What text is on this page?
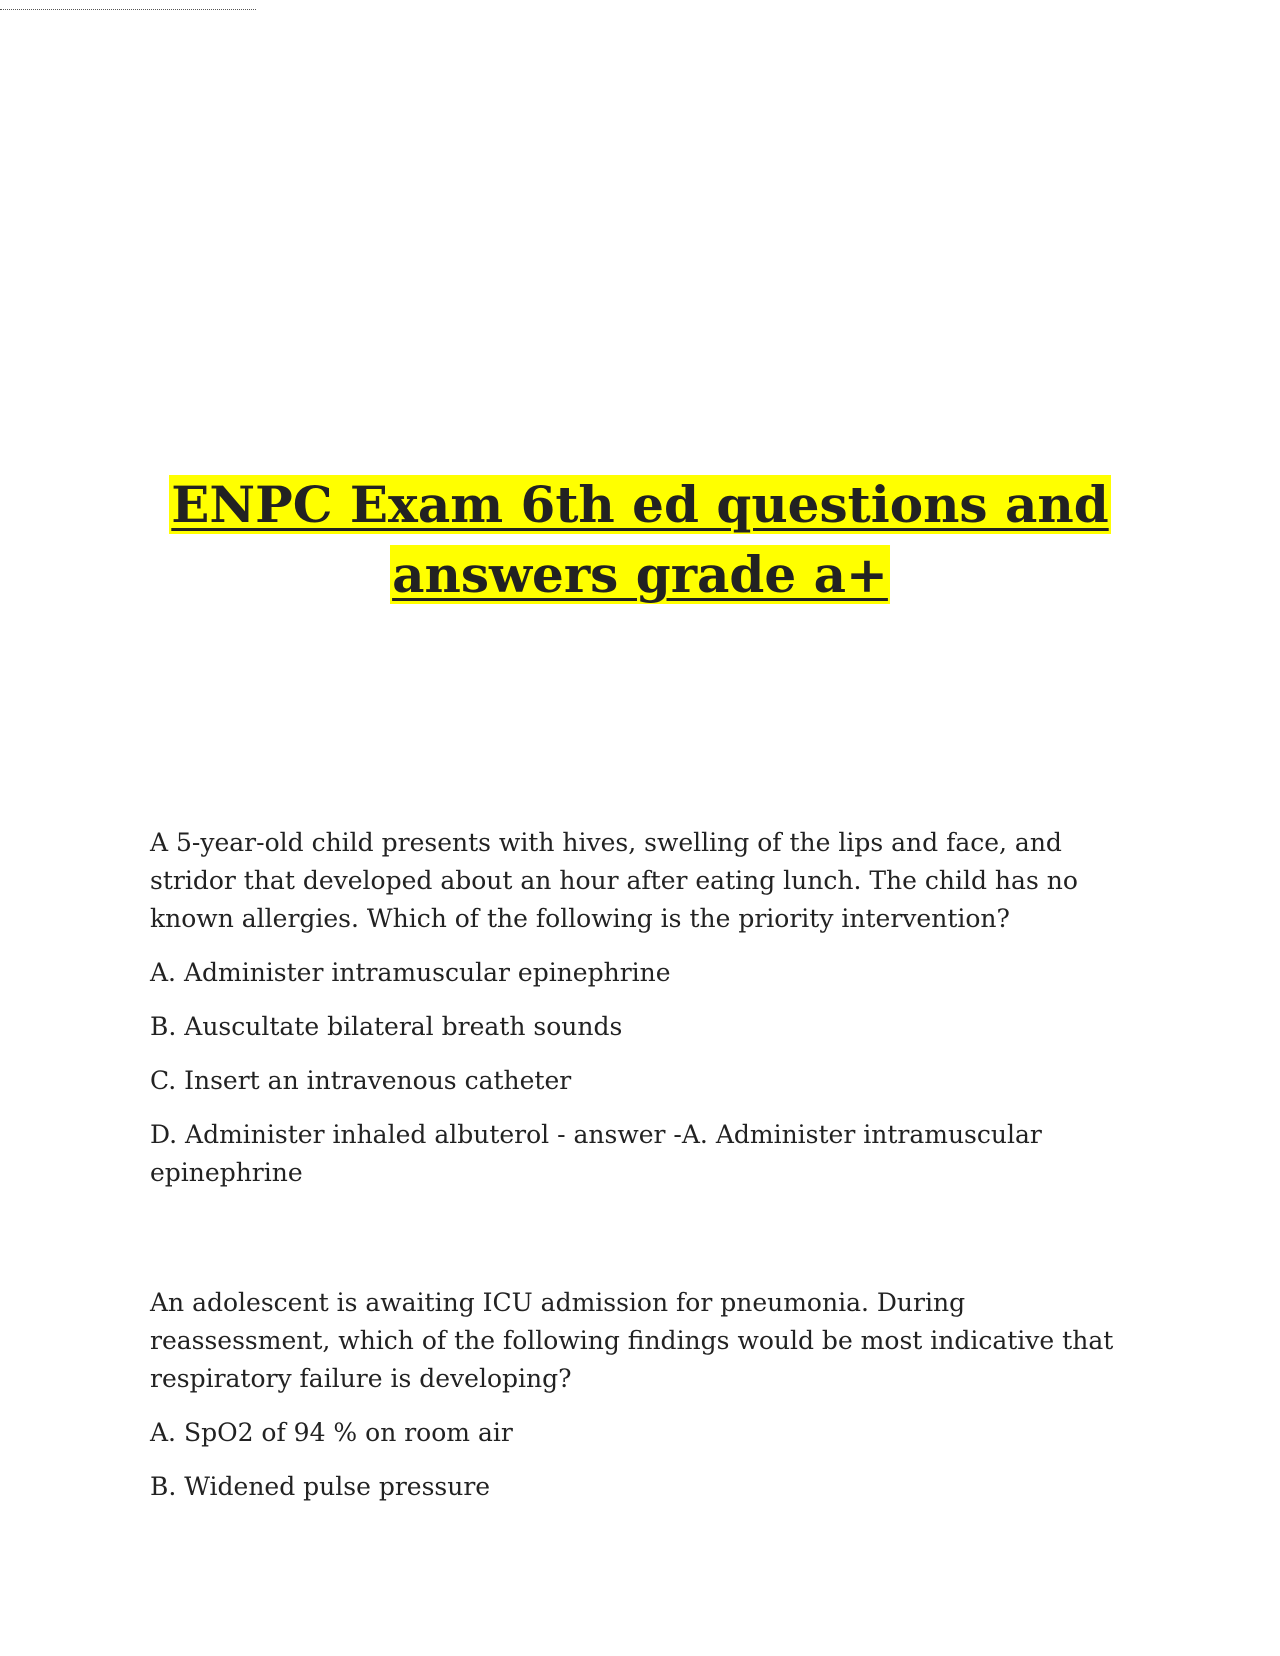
ENPC Exam 6th ed questions and
answers grade a+

A 5-year-old child presents with hives, swelling of the lips and face, and stridor that developed about an hour after eating lunch. The child has no known allergies. Which of the following is the priority intervention?

A. Administer intramuscular epinephrine

B. Auscultate bilateral breath sounds

C. Insert an intravenous catheter

D. Administer inhaled albuterol - answer -A. Administer intramuscular epinephrine

An adolescent is awaiting ICU admission for pneumonia. During reassessment, which of the following findings would be most indicative that respiratory failure is developing?

A. SpO2 of 94 % on room air

B. Widened pulse pressure
